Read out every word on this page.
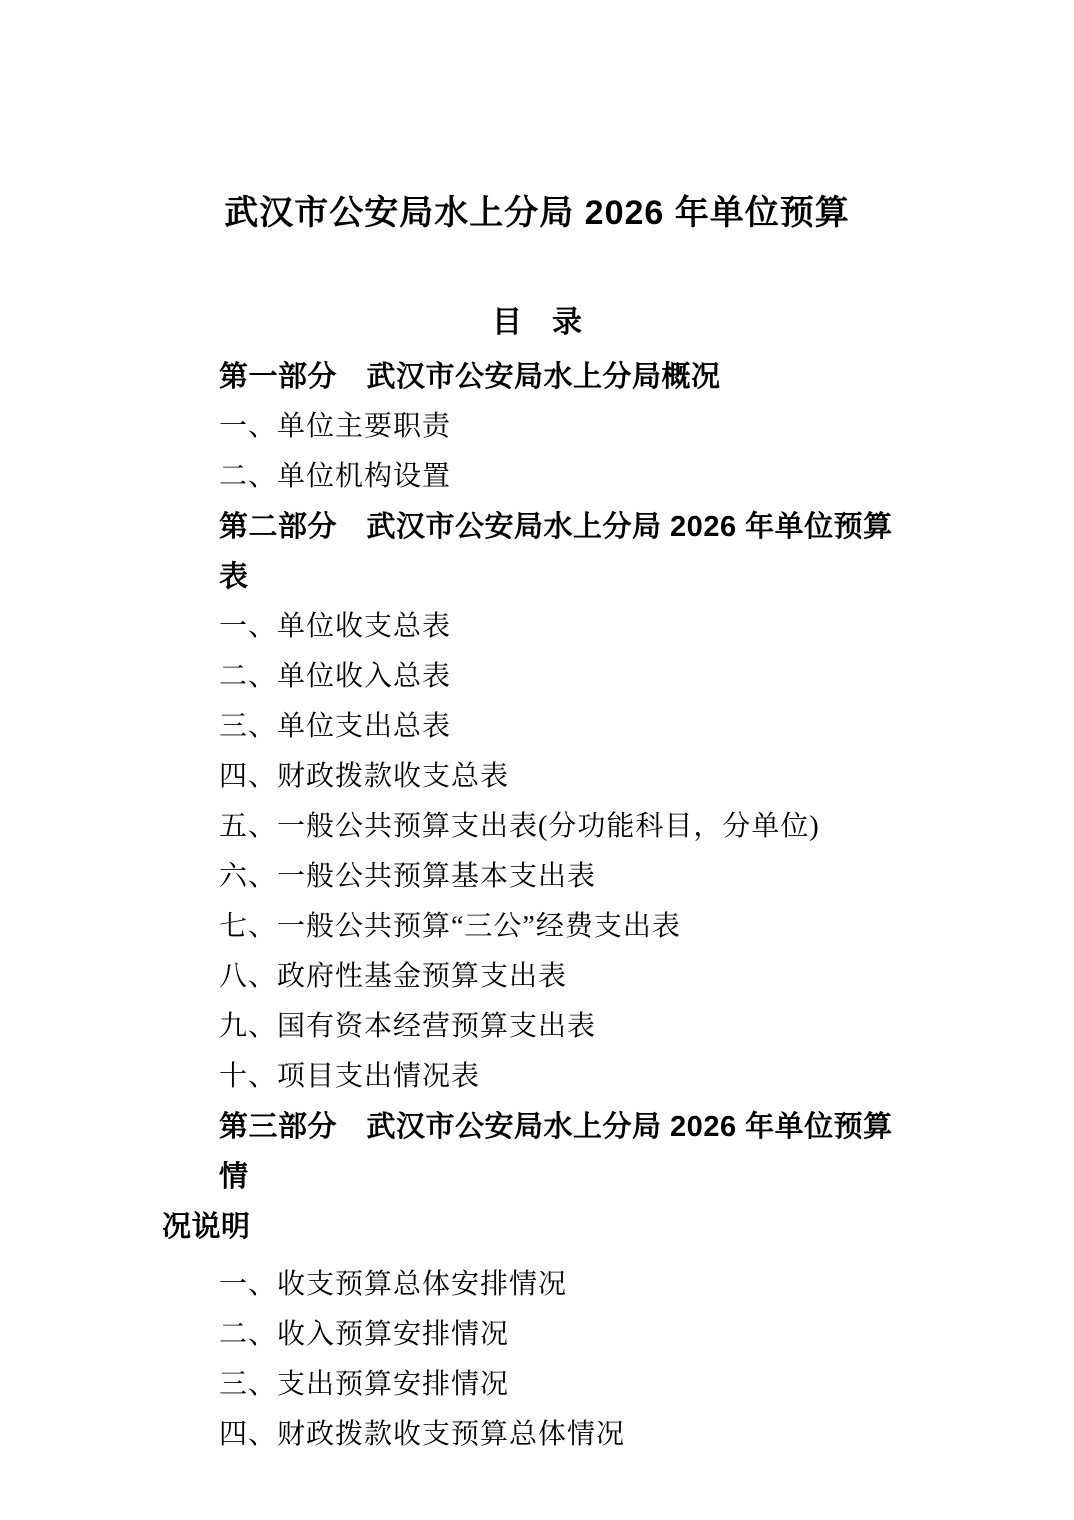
武汉市公安局水上分局 2026 年单位预算
目　录

第一部分　武汉市公安局水上分局概况

一、单位主要职责

二、单位机构设置

第二部分　武汉市公安局水上分局 2026 年单位预算表

一、单位收支总表

二、单位收入总表

三、单位支出总表

四、财政拨款收支总表

五、一般公共预算支出表(分功能科目，分单位)

六、一般公共预算基本支出表

七、一般公共预算“三公”经费支出表

八、政府性基金预算支出表

九、国有资本经营预算支出表

十、项目支出情况表

第三部分　武汉市公安局水上分局 2026 年单位预算情
况说明

一、收支预算总体安排情况

二、收入预算安排情况

三、支出预算安排情况

四、财政拨款收支预算总体情况
